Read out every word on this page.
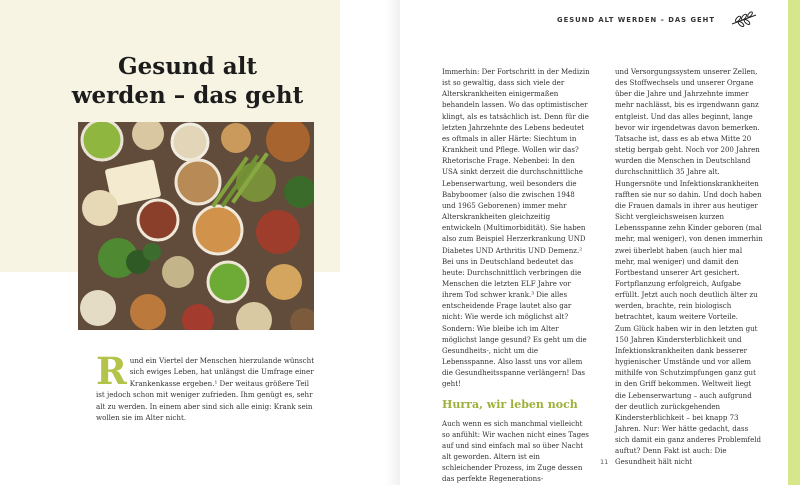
Gesund alt
werden – das geht
R und ein Viertel der Menschen hierzulande wünscht sich ewiges Leben, hat unlängst die Umfrage einer Krankenkasse ergeben.¹ Der weitaus größere Teil ist jedoch schon mit weniger zufrieden. Ihm genügt es, sehr alt zu werden. In einem aber sind sich alle einig: Krank sein wollen sie im Alter nicht.
GESUND ALT WERDEN – DAS GEHT

Immerhin: Der Fortschritt in der Medizin ist so gewaltig, dass sich viele der Alterskrankheiten einigermaßen behandeln lassen. Wo das optimistischer klingt, als es tatsächlich ist. Denn für die letzten Jahrzehnte des Lebens bedeutet es oftmals in aller Härte: Siechtum in Krankheit und Pflege. Wollen wir das? Rhetorische Frage. Nebenbei: In den USA sinkt derzeit die durchschnittliche Lebenserwartung, weil besonders die Babyboomer (also die zwischen 1948 und 1965 Geborenen) immer mehr Alterskrankheiten gleichzeitig entwickeln (Multimorbidität). Sie haben also zum Beispiel Herzerkrankung UND Diabetes UND Arthritis UND Demenz.² Bei uns in Deutschland bedeutet das heute: Durchschnittlich verbringen die Menschen die letzten ELF Jahre vor ihrem Tod schwer krank.³ Die alles entscheidende Frage lautet also gar nicht: Wie werde ich möglichst alt? Sondern: Wie bleibe ich im Alter möglichst lange gesund? Es geht um die Gesundheits-, nicht um die Lebensspanne. Also lasst uns vor allem die Gesundheitsspanne verlängern! Das geht!

Hurra, wir leben noch

Auch wenn es sich manchmal vielleicht so anfühlt: Wir wachen nicht eines Tages auf und sind einfach mal so über Nacht alt geworden. Altern ist ein schleichender Prozess, im Zuge dessen das perfekte Regenerations-

und Versorgungssystem unserer Zellen, des Stoffwechsels und unserer Organe über die Jahre und Jahrzehnte immer mehr nachlässt, bis es irgendwann ganz entgleist. Und das alles beginnt, lange bevor wir irgendetwas davon bemerken.

Tatsache ist, dass es ab etwa Mitte 20 stetig bergab geht. Noch vor 200 Jahren wurden die Menschen in Deutschland durchschnittlich 35 Jahre alt. Hungersnöte und Infektionskrankheiten rafften sie nur so dahin. Und doch haben die Frauen damals in ihrer aus heutiger Sicht vergleichsweisen kurzen Lebensspanne zehn Kinder geboren (mal mehr, mal weniger), von denen immerhin zwei überlebt haben (auch hier mal mehr, mal weniger) und damit den Fortbestand unserer Art gesichert. Fortpflanzung erfolgreich, Aufgabe erfüllt. Jetzt auch noch deutlich älter zu werden, brachte, rein biologisch betrachtet, kaum weitere Vorteile.

Zum Glück haben wir in den letzten gut 150 Jahren Kindersterblichkeit und Infektionskrankheiten dank besserer hygienischer Umstände und vor allem mithilfe von Schutzimpfungen ganz gut in den Griff bekommen. Weltweit liegt die Lebenserwartung – auch aufgrund der deutlich zurückgehenden Kindersterblichkeit – bei knapp 73 Jahren. Nur: Wer hätte gedacht, dass sich damit ein ganz anderes Problemfeld auftut? Denn Fakt ist auch: Die Gesundheit hält nicht

11
